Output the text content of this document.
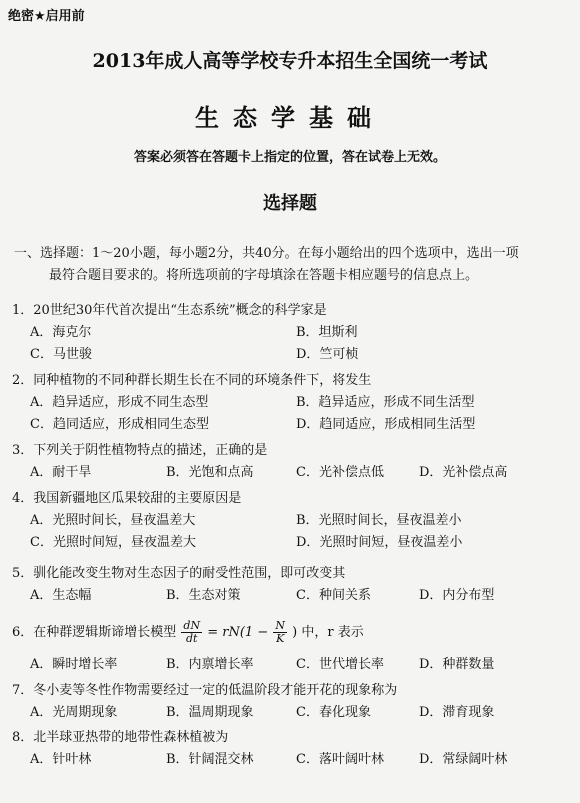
绝密★启用前
2013年成人高等学校专升本招生全国统一考试
生态学基础
答案必须答在答题卡上指定的位置，答在试卷上无效。
选择题

一、选择题：1～20小题，每小题2分，共40分。在每小题给出的四个选项中，选出一项

最符合题目要求的。将所选项前的字母填涂在答题卡相应题号的信息点上。

1．20世纪30年代首次提出“生态系统”概念的科学家是
A．海克尔	B．坦斯利
C．马世骏	D．竺可桢
2．同种植物的不同种群长期生长在不同的环境条件下，将发生
A．趋异适应，形成不同生态型	B．趋异适应，形成不同生活型
C．趋同适应，形成相同生态型	D．趋同适应，形成相同生活型
3．下列关于阴性植物特点的描述，正确的是
A．耐干旱	B．光饱和点高	C．光补偿点低	D．光补偿点高
4．我国新疆地区瓜果较甜的主要原因是
A．光照时间长，昼夜温差大	B．光照时间长，昼夜温差小
C．光照时间短，昼夜温差大	D．光照时间短，昼夜温差小
5．驯化能改变生物对生态因子的耐受性范围，即可改变其
A．生态幅	B．生态对策	C．种间关系	D．内分布型
6．在种群逻辑斯谛增长模型 $\frac{dN}{dt} = rN(1 - \frac{N}{K}$ ) 中，r 表示
A．瞬时增长率	B．内禀增长率	C．世代增长率	D．种群数量
7．冬小麦等冬性作物需要经过一定的低温阶段才能开花的现象称为
A．光周期现象	B．温周期现象	C．春化现象	D．滞育现象
8．北半球亚热带的地带性森林植被为
A．针叶林	B．针阔混交林	C．落叶阔叶林	D．常绿阔叶林
